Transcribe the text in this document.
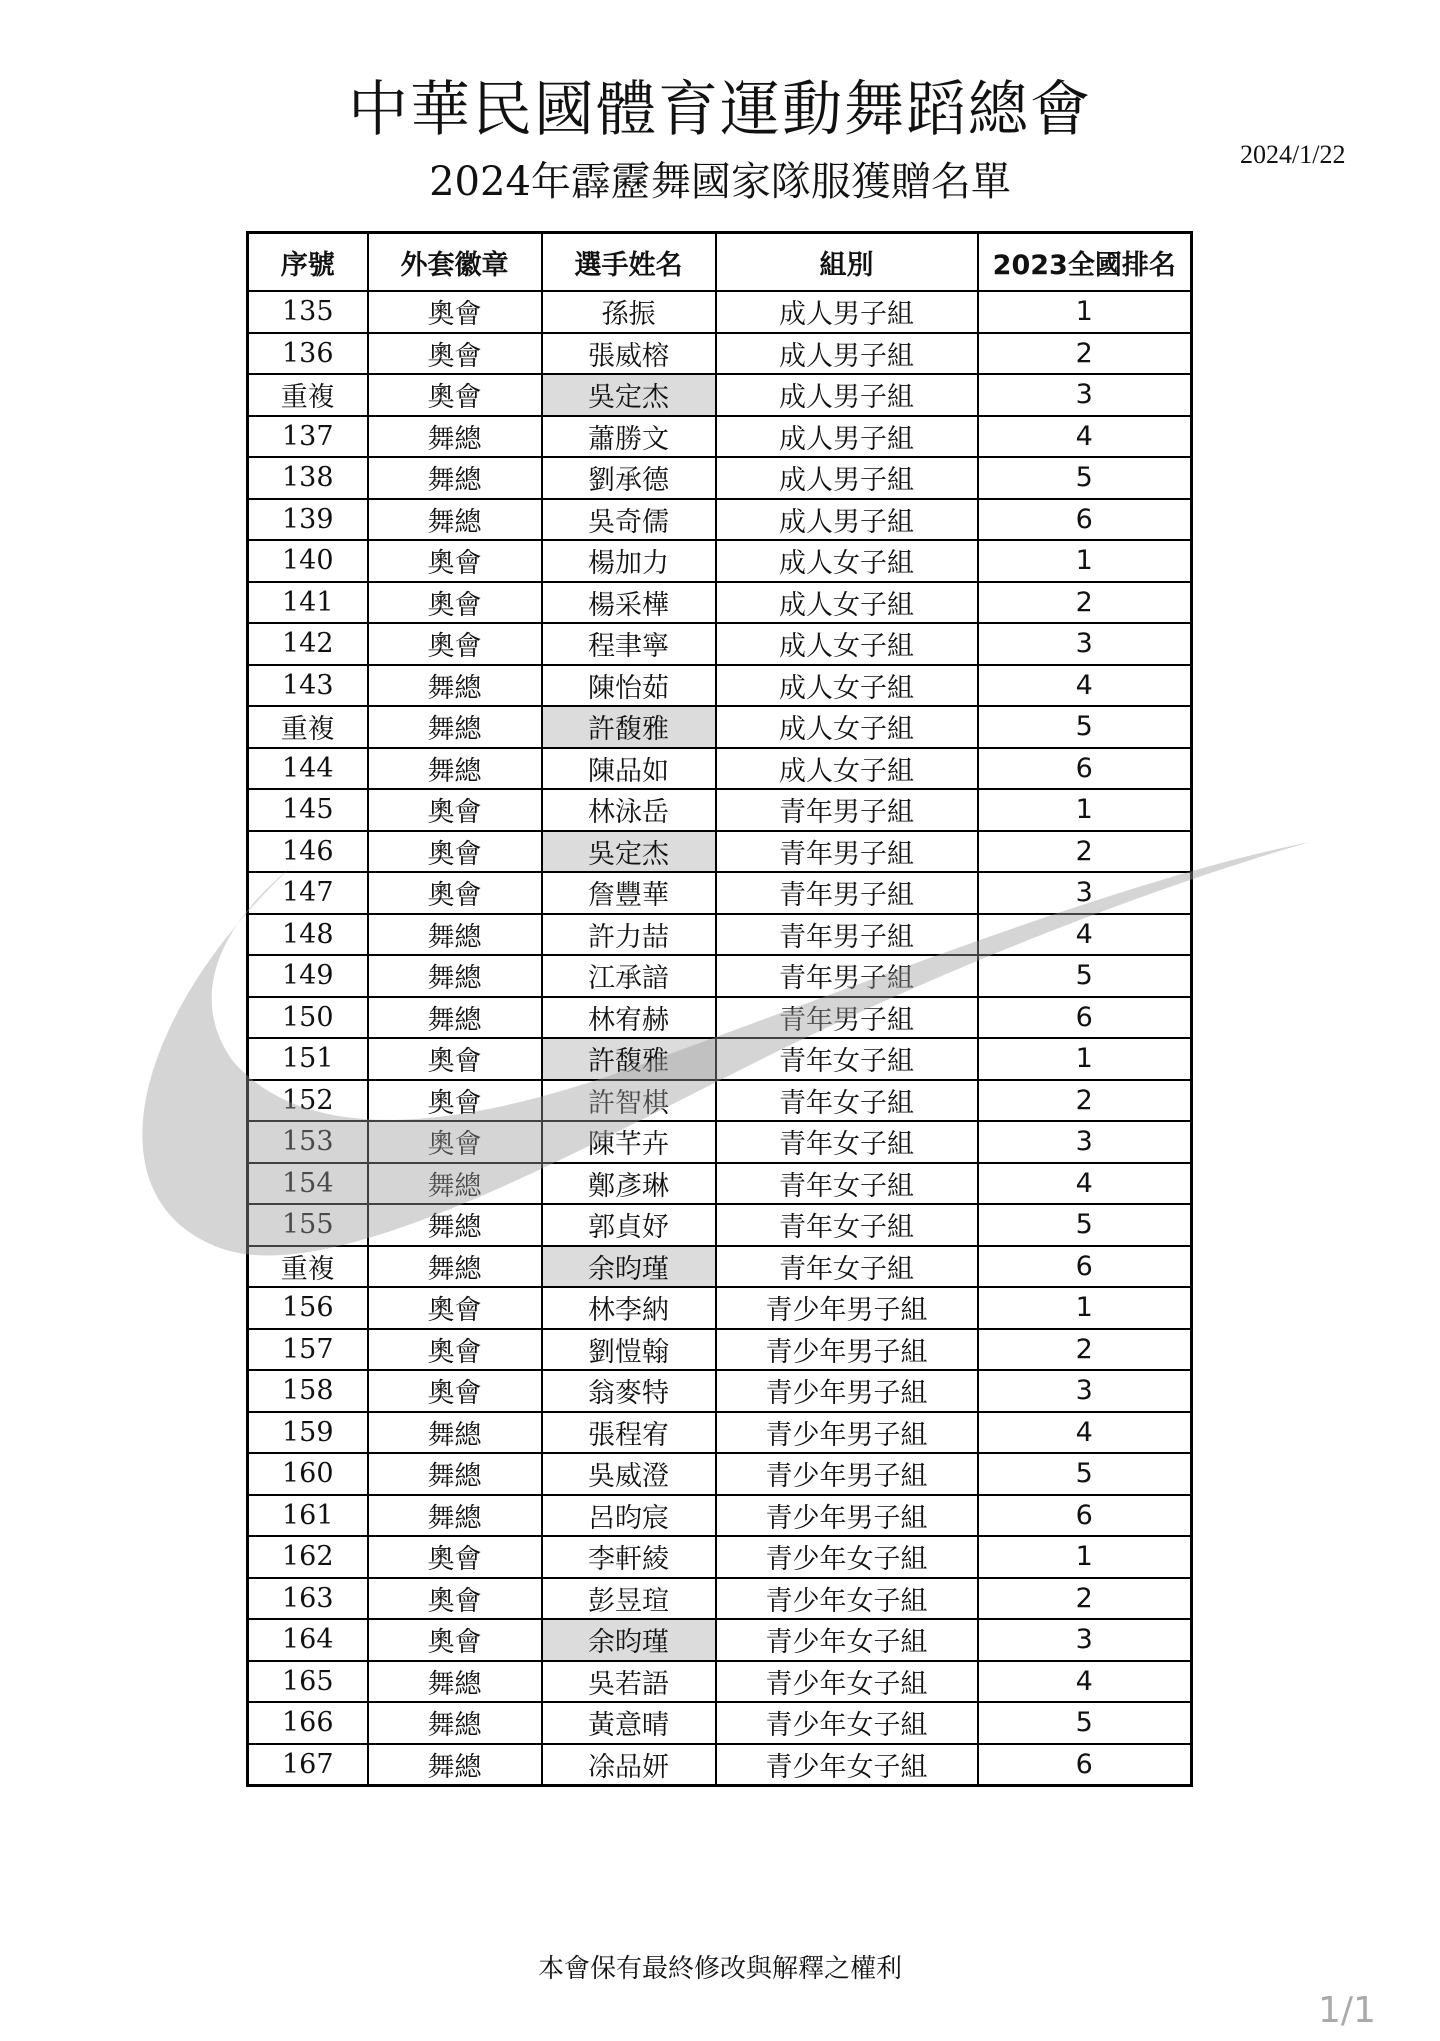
中華民國體育運動舞蹈總會
2024年霹靂舞國家隊服獲贈名單
2024/1/22
序號	外套徽章	選手姓名	組別	2023全國排名
135	奧會	孫振	成人男子組	1
136	奧會	張威榕	成人男子組	2
重複	奧會	吳定杰	成人男子組	3
137	舞總	蕭勝文	成人男子組	4
138	舞總	劉承德	成人男子組	5
139	舞總	吳奇儒	成人男子組	6
140	奧會	楊加力	成人女子組	1
141	奧會	楊采樺	成人女子組	2
142	奧會	程聿寧	成人女子組	3
143	舞總	陳怡茹	成人女子組	4
重複	舞總	許馥雅	成人女子組	5
144	舞總	陳品如	成人女子組	6
145	奧會	林泳岳	青年男子組	1
146	奧會	吳定杰	青年男子組	2
147	奧會	詹豐華	青年男子組	3
148	舞總	許力喆	青年男子組	4
149	舞總	江承諳	青年男子組	5
150	舞總	林宥赫	青年男子組	6
151	奧會	許馥雅	青年女子組	1
152	奧會	許智棋	青年女子組	2
153	奧會	陳芊卉	青年女子組	3
154	舞總	鄭彥琳	青年女子組	4
155	舞總	郭貞妤	青年女子組	5
重複	舞總	余昀瑾	青年女子組	6
156	奧會	林李納	青少年男子組	1
157	奧會	劉愷翰	青少年男子組	2
158	奧會	翁麥特	青少年男子組	3
159	舞總	張程宥	青少年男子組	4
160	舞總	吳威澄	青少年男子組	5
161	舞總	呂昀宸	青少年男子組	6
162	奧會	李軒綾	青少年女子組	1
163	奧會	彭昱瑄	青少年女子組	2
164	奧會	余昀瑾	青少年女子組	3
165	舞總	吳若語	青少年女子組	4
166	舞總	黃意晴	青少年女子組	5
167	舞總	凃品妍	青少年女子組	6
本會保有最終修改與解釋之權利
1/1
